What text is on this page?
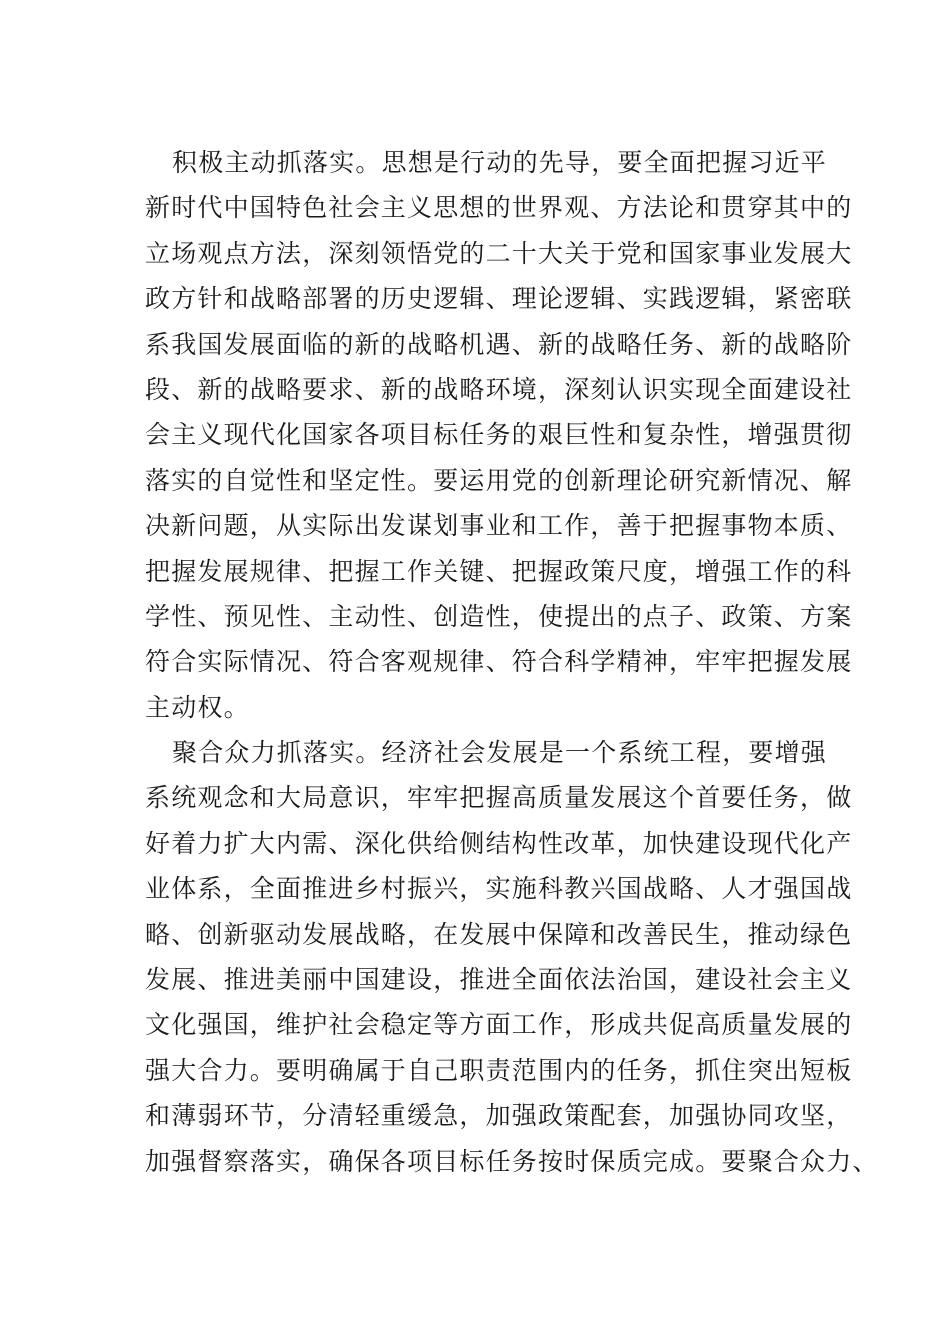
积极主动抓落实。思想是行动的先导，要全面把握习近平
新时代中国特色社会主义思想的世界观、方法论和贯穿其中的
立场观点方法，深刻领悟党的二十大关于党和国家事业发展大
政方针和战略部署的历史逻辑、理论逻辑、实践逻辑，紧密联
系我国发展面临的新的战略机遇、新的战略任务、新的战略阶
段、新的战略要求、新的战略环境，深刻认识实现全面建设社
会主义现代化国家各项目标任务的艰巨性和复杂性，增强贯彻
落实的自觉性和坚定性。要运用党的创新理论研究新情况、解
决新问题，从实际出发谋划事业和工作，善于把握事物本质、
把握发展规律、把握工作关键、把握政策尺度，增强工作的科
学性、预见性、主动性、创造性，使提出的点子、政策、方案
符合实际情况、符合客观规律、符合科学精神，牢牢把握发展
主动权。
聚合众力抓落实。经济社会发展是一个系统工程，要增强
系统观念和大局意识，牢牢把握高质量发展这个首要任务，做
好着力扩大内需、深化供给侧结构性改革，加快建设现代化产
业体系，全面推进乡村振兴，实施科教兴国战略、人才强国战
略、创新驱动发展战略，在发展中保障和改善民生，推动绿色
发展、推进美丽中国建设，推进全面依法治国，建设社会主义
文化强国，维护社会稳定等方面工作，形成共促高质量发展的
强大合力。要明确属于自己职责范围内的任务，抓住突出短板
和薄弱环节，分清轻重缓急，加强政策配套，加强协同攻坚，
加强督察落实，确保各项目标任务按时保质完成。要聚合众力、
